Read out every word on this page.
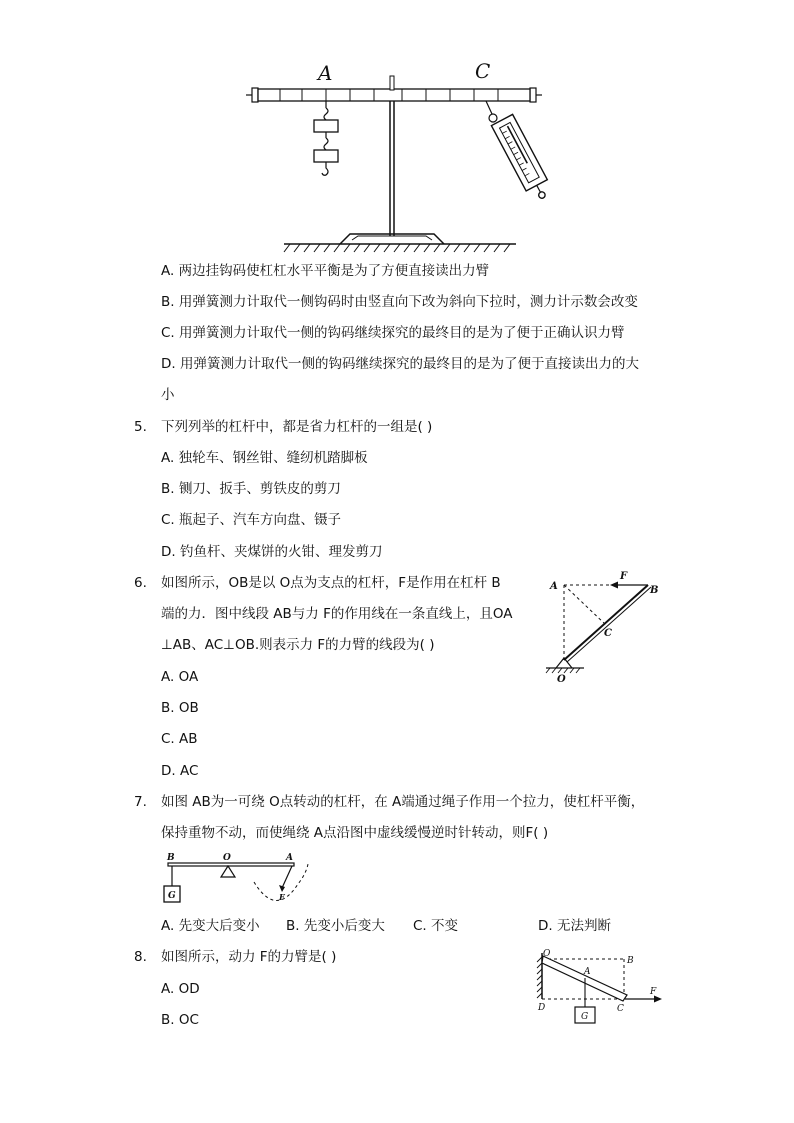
A	C
A. 两边挂钩码使杠杠水平平衡是为了方便直接读出力臂
B. 用弹簧测力计取代一侧钩码时由竖直向下改为斜向下拉时，测力计示数会改变
C. 用弹簧测力计取代一侧的钩码继续探究的最终目的是为了便于正确认识力臂
D. 用弹簧测力计取代一侧的钩码继续探究的最终目的是为了便于直接读出力的大
小
5. 下列列举的杠杆中，都是省力杠杆的一组是( )
A. 独轮车、钢丝钳、缝纫机踏脚板
B. 铡刀、扳手、剪铁皮的剪刀
C. 瓶起子、汽车方向盘、镊子
D. 钓鱼杆、夹煤饼的火钳、理发剪刀
6. 如图所示，OB是以 O点为支点的杠杆，F是作用在杠杆 B
端的力．图中线段 AB与力 F的作用线在一条直线上，且OA
⊥AB、AC⊥OB.则表示力 F的力臂的线段为( )
A. OA
B. OB
C. AB
D. AC
A
F
B
C
O
7. 如图 AB为一可绕 O点转动的杠杆，在 A端通过绳子作用一个拉力，使杠杆平衡，
保持重物不动，而使绳绕 A点沿图中虚线缓慢逆时针转动，则F( )
B	O	A
G	F
A. 先变大后变小 B. 先变小后变大 C. 不变	D. 无法判断
8. 如图所示，动力 F的力臂是( )
A. OD
B. OC
O
B
A
D	C
F
G
